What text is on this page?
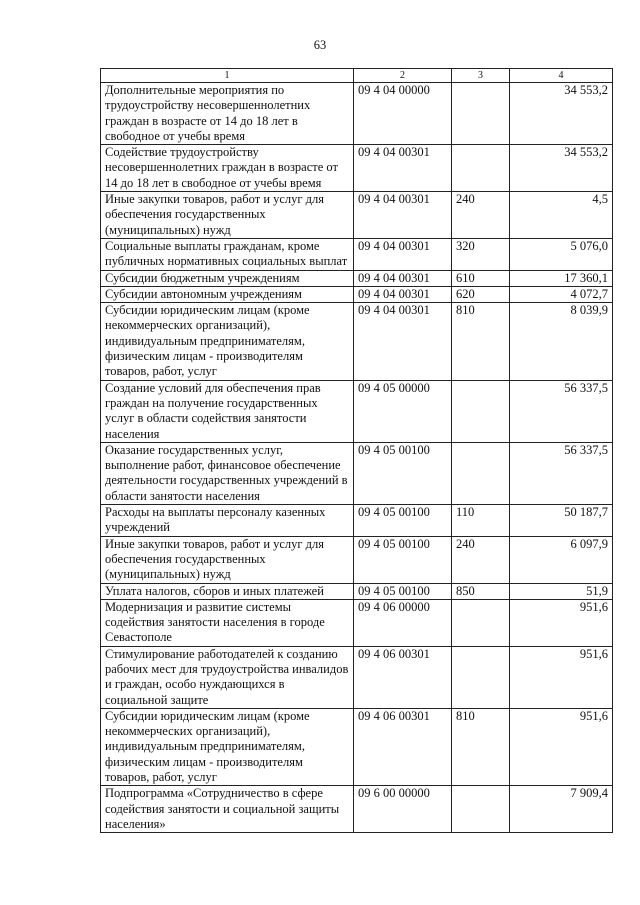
63
1	2	3	4
Дополнительные мероприятия по трудоустройству несовершеннолетних граждан в возрасте от 14 до 18 лет в свободное от учебы время	09 4 04 00000		34 553,2
Содействие трудоустройству несовершеннолетних граждан в возрасте от 14 до 18 лет в свободное от учебы время	09 4 04 00301		34 553,2
Иные закупки товаров, работ и услуг для обеспечения государственных (муниципальных) нужд	09 4 04 00301	240	4,5
Социальные выплаты гражданам, кроме публичных нормативных социальных выплат	09 4 04 00301	320	5 076,0
Субсидии бюджетным учреждениям	09 4 04 00301	610	17 360,1
Субсидии автономным учреждениям	09 4 04 00301	620	4 072,7
Субсидии юридическим лицам (кроме некоммерческих организаций), индивидуальным предпринимателям, физическим лицам - производителям товаров, работ, услуг	09 4 04 00301	810	8 039,9
Создание условий для обеспечения прав граждан на получение государственных услуг в области содействия занятости населения	09 4 05 00000		56 337,5
Оказание государственных услуг, выполнение работ, финансовое обеспечение деятельности государственных учреждений в области занятости населения	09 4 05 00100		56 337,5
Расходы на выплаты персоналу казенных учреждений	09 4 05 00100	110	50 187,7
Иные закупки товаров, работ и услуг для обеспечения государственных (муниципальных) нужд	09 4 05 00100	240	6 097,9
Уплата налогов, сборов и иных платежей	09 4 05 00100	850	51,9
Модернизация и развитие системы содействия занятости населения в городе Севастополе	09 4 06 00000		951,6
Стимулирование работодателей к созданию рабочих мест для трудоустройства инвалидов и граждан, особо нуждающихся в социальной защите	09 4 06 00301		951,6
Субсидии юридическим лицам (кроме некоммерческих организаций), индивидуальным предпринимателям, физическим лицам - производителям товаров, работ, услуг	09 4 06 00301	810	951,6
Подпрограмма «Сотрудничество в сфере содействия занятости и социальной защиты населения»	09 6 00 00000		7 909,4
